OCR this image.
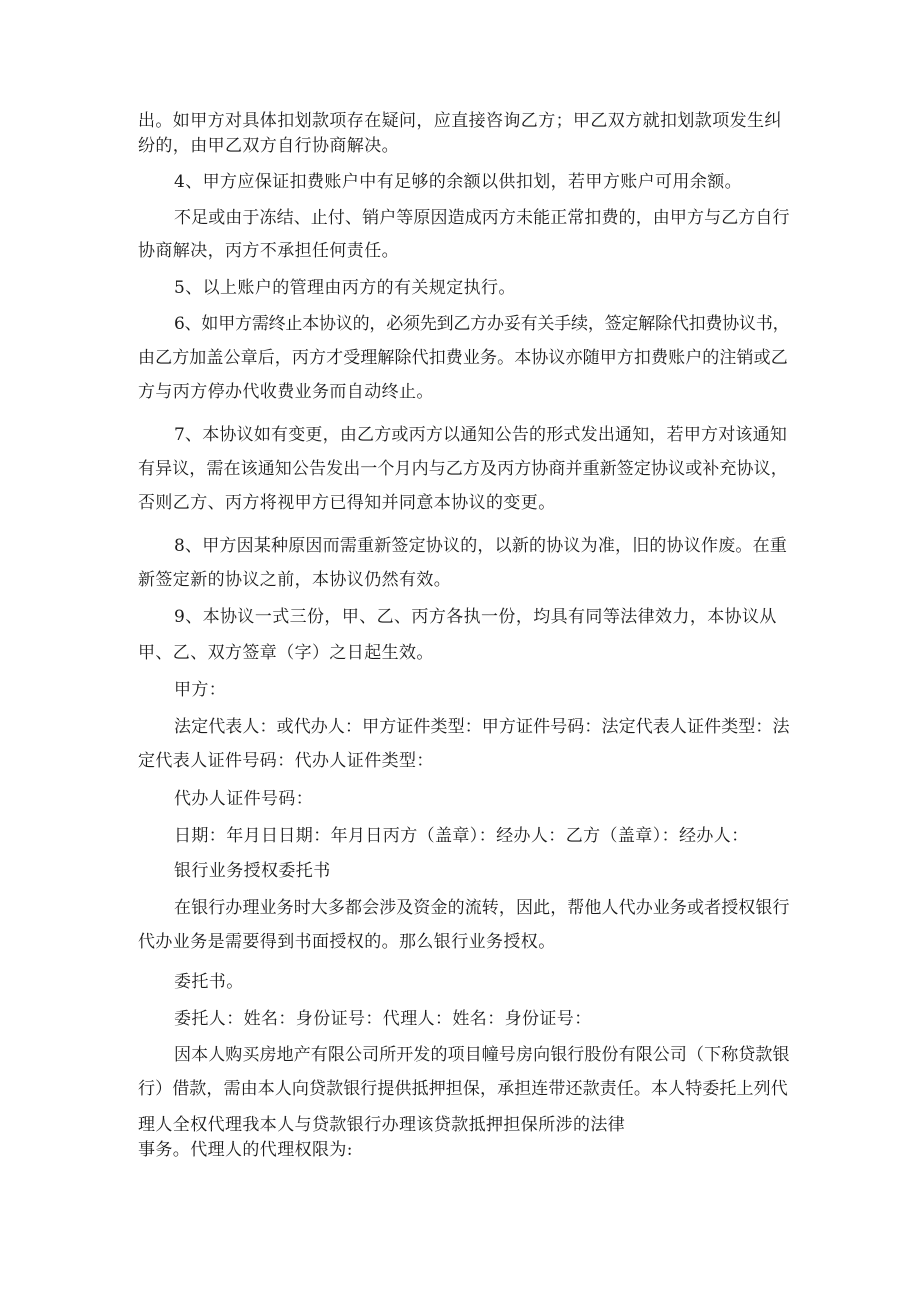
出。如甲方对具体扣划款项存在疑问，应直接咨询乙方；甲乙双方就扣划款项发生纠
纷的，由甲乙双方自行协商解决。
4、甲方应保证扣费账户中有足够的余额以供扣划，若甲方账户可用余额。
不足或由于冻结、止付、销户等原因造成丙方未能正常扣费的，由甲方与乙方自行
协商解决，丙方不承担任何责任。
5、以上账户的管理由丙方的有关规定执行。
6、如甲方需终止本协议的，必须先到乙方办妥有关手续，签定解除代扣费协议书，
由乙方加盖公章后，丙方才受理解除代扣费业务。本协议亦随甲方扣费账户的注销或乙
方与丙方停办代收费业务而自动终止。
7、本协议如有变更，由乙方或丙方以通知公告的形式发出通知，若甲方对该通知
有异议，需在该通知公告发出一个月内与乙方及丙方协商并重新签定协议或补充协议，
否则乙方、丙方将视甲方已得知并同意本协议的变更。
8、甲方因某种原因而需重新签定协议的，以新的协议为准，旧的协议作废。在重
新签定新的协议之前，本协议仍然有效。
9、本协议一式三份，甲、乙、丙方各执一份，均具有同等法律效力，本协议从
甲、乙、双方签章（字）之日起生效。
甲方：
法定代表人：或代办人：甲方证件类型：甲方证件号码：法定代表人证件类型：法
定代表人证件号码：代办人证件类型：
代办人证件号码：
日期：年月日日期：年月日丙方（盖章）：经办人：乙方（盖章）：经办人：
银行业务授权委托书
在银行办理业务时大多都会涉及资金的流转，因此，帮他人代办业务或者授权银行
代办业务是需要得到书面授权的。那么银行业务授权。
委托书。
委托人：姓名：身份证号：代理人：姓名：身份证号：
因本人购买房地产有限公司所开发的项目幢号房向银行股份有限公司（下称贷款银
行）借款，需由本人向贷款银行提供抵押担保，承担连带还款责任。本人特委托上列代
理人全权代理我本人与贷款银行办理该贷款抵押担保所涉的法律
事务。代理人的代理权限为:
